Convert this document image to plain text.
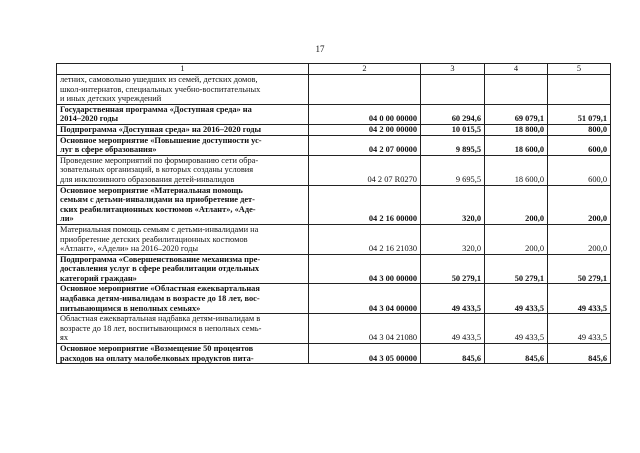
17
1	2	3	4	5

летних, самовольно ушедших из семей, детских домов,
школ-интернатов, специальных учебно-воспитательных
и иных детских учреждений				

Государственная программа «Доступная среда» на
2014–2020 годы	04 0 00 00000	60 294,6	69 079,1	51 079,1

Подпрограмма «Доступная среда» на 2016–2020 годы	04 2 00 00000	10 015,5	18 800,0	800,0

Основное мероприятие «Повышение доступности ус-
луг в сфере образования»	04 2 07 00000	9 895,5	18 600,0	600,0

Проведение мероприятий по формированию сети обра-
зовательных организаций, в которых созданы условия
для инклюзивного образования детей-инвалидов	04 2 07 R0270	9 695,5	18 600,0	600,0

Основное мероприятие «Материальная помощь
семьям с детьми-инвалидами на приобретение дет-
ских реабилитационных костюмов «Атлант», «Аде-
ли»	04 2 16 00000	320,0	200,0	200,0

Материальная помощь семьям с детьми-инвалидами на
приобретение детских реабилитационных костюмов
«Атлант», «Адели» на 2016–2020 годы	04 2 16 21030	320,0	200,0	200,0

Подпрограмма «Совершенствование механизма пре-
доставления услуг в сфере реабилитации отдельных
категорий граждан»	04 3 00 00000	50 279,1	50 279,1	50 279,1

Основное мероприятие «Областная ежеквартальная
надбавка детям-инвалидам в возрасте до 18 лет, вос-
питывающимся в неполных семьях»	04 3 04 00000	49 433,5	49 433,5	49 433,5

Областная ежеквартальная надбавка детям-инвалидам в
возрасте до 18 лет, воспитывающимся в неполных семь-
ях	04 3 04 21080	49 433,5	49 433,5	49 433,5

Основное мероприятие «Возмещение 50 процентов
расходов на оплату малобелковых продуктов пита-	04 3 05 00000	845,6	845,6	845,6
